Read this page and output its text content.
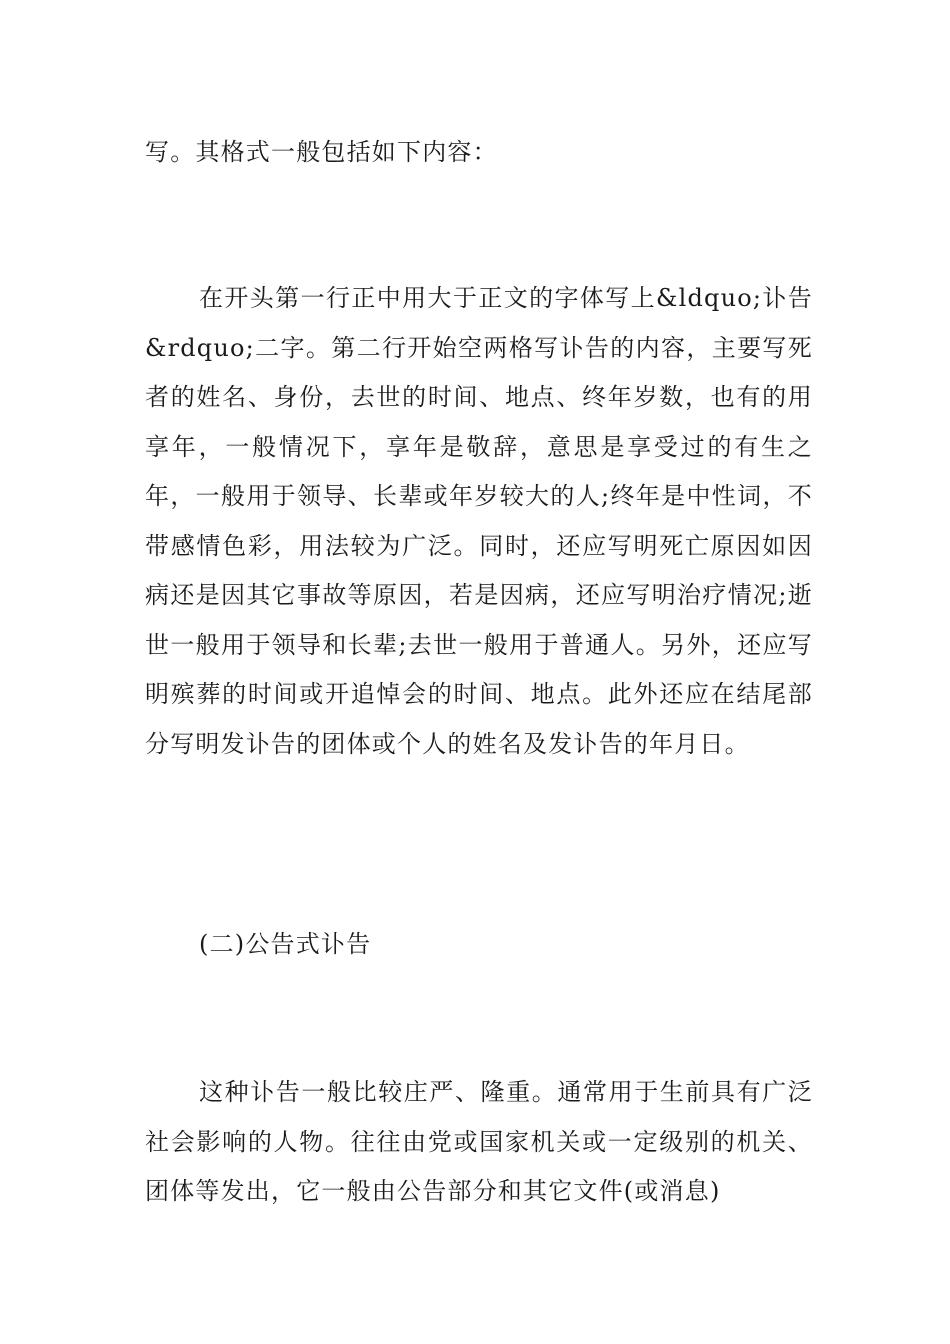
写。其格式一般包括如下内容：

在开头第一行正中用大于正文的字体写上&ldquo;讣告&rdquo;二字。第二行开始空两格写讣告的内容，主要写死者的姓名、身份，去世的时间、地点、终年岁数，也有的用享年，一般情况下，享年是敬辞，意思是享受过的有生之年，一般用于领导、长辈或年岁较大的人;终年是中性词，不带感情色彩，用法较为广泛。同时，还应写明死亡原因如因病还是因其它事故等原因，若是因病，还应写明治疗情况;逝世一般用于领导和长辈;去世一般用于普通人。另外，还应写明殡葬的时间或开追悼会的时间、地点。此外还应在结尾部分写明发讣告的团体或个人的姓名及发讣告的年月日。

(二)公告式讣告

这种讣告一般比较庄严、隆重。通常用于生前具有广泛社会影响的人物。往往由党或国家机关或一定级别的机关、团体等发出，它一般由公告部分和其它文件(或消息)
